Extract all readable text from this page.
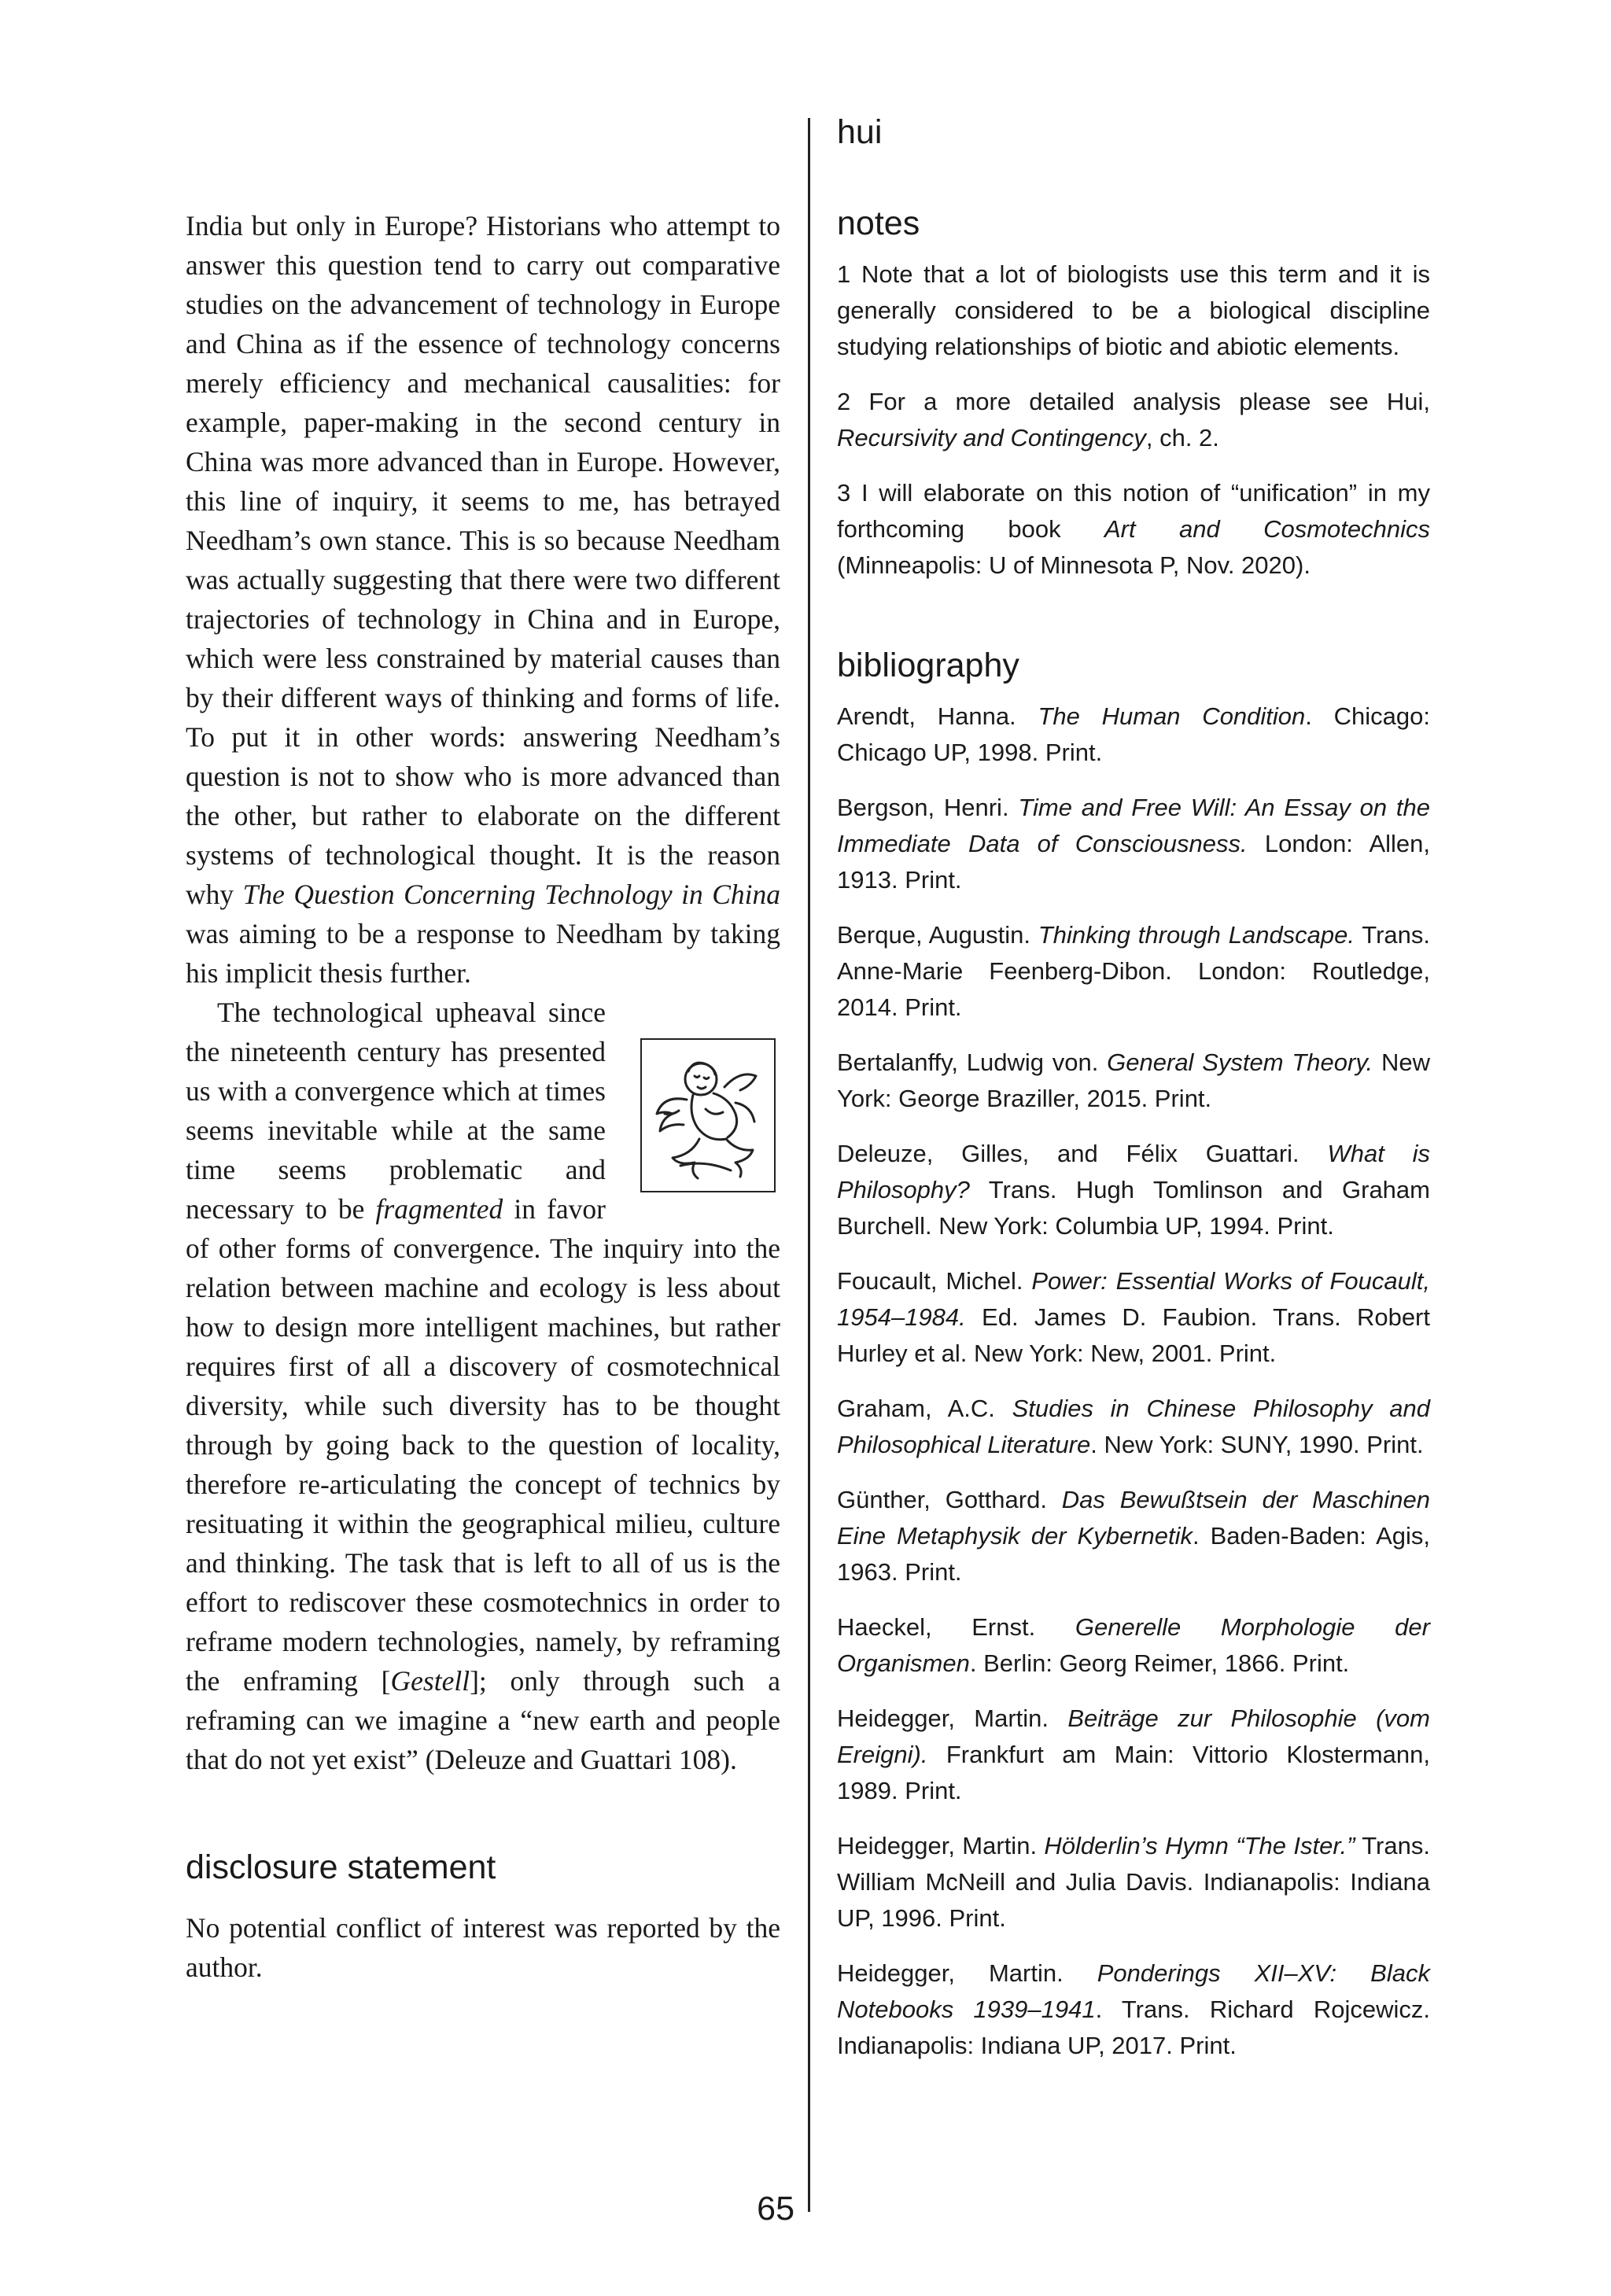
hui

India but only in Europe? Historians who attempt to answer this question tend to carry out comparative studies on the advancement of technology in Europe and China as if the essence of technology concerns merely efficiency and mechanical causalities: for example, paper-making in the second century in China was more advanced than in Europe. However, this line of inquiry, it seems to me, has betrayed Needham’s own stance. This is so because Needham was actually suggesting that there were two different trajectories of technology in China and in Europe, which were less constrained by material causes than by their different ways of thinking and forms of life. To put it in other words: answering Needham’s question is not to show who is more advanced than the other, but rather to elaborate on the different systems of technological thought. It is the reason why The Question Concerning Technology in China was aiming to be a response to Needham by taking his implicit thesis further.

The technological upheaval since the nineteenth century has presented us with a convergence which at times seems inevitable while at the same time seems problematic and necessary to be fragmented in favor of other forms of convergence. The inquiry into the relation between machine and ecology is less about how to design more intelligent machines, but rather requires first of all a discovery of cosmotechnical diversity, while such diversity has to be thought through by going back to the question of locality, therefore re-articulating the concept of technics by resituating it within the geographical milieu, culture and thinking. The task that is left to all of us is the effort to rediscover these cosmotechnics in order to reframe modern technologies, namely, by reframing the enframing [Gestell]; only through such a reframing can we imagine a “new earth and people that do not yet exist” (Deleuze and Guattari 108).

disclosure statement

No potential conflict of interest was reported by the author.

notes

1 Note that a lot of biologists use this term and it is generally considered to be a biological discipline studying relationships of biotic and abiotic elements.

2 For a more detailed analysis please see Hui, Recursivity and Contingency, ch. 2.

3 I will elaborate on this notion of “unification” in my forthcoming book Art and Cosmotechnics (Minneapolis: U of Minnesota P, Nov. 2020).

bibliography

Arendt, Hanna. The Human Condition. Chicago: Chicago UP, 1998. Print.

Bergson, Henri. Time and Free Will: An Essay on the Immediate Data of Consciousness. London: Allen, 1913. Print.

Berque, Augustin. Thinking through Landscape. Trans. Anne-Marie Feenberg-Dibon. London: Routledge, 2014. Print.

Bertalanffy, Ludwig von. General System Theory. New York: George Braziller, 2015. Print.

Deleuze, Gilles, and Félix Guattari. What is Philosophy? Trans. Hugh Tomlinson and Graham Burchell. New York: Columbia UP, 1994. Print.

Foucault, Michel. Power: Essential Works of Foucault, 1954–1984. Ed. James D. Faubion. Trans. Robert Hurley et al. New York: New, 2001. Print.

Graham, A.C. Studies in Chinese Philosophy and Philosophical Literature. New York: SUNY, 1990. Print.

Günther, Gotthard. Das Bewußtsein der Maschinen Eine Metaphysik der Kybernetik. Baden-Baden: Agis, 1963. Print.

Haeckel, Ernst. Generelle Morphologie der Organismen. Berlin: Georg Reimer, 1866. Print.

Heidegger, Martin. Beiträge zur Philosophie (vom Ereigni). Frankfurt am Main: Vittorio Klostermann, 1989. Print.

Heidegger, Martin. Hölderlin’s Hymn “The Ister.” Trans. William McNeill and Julia Davis. Indianapolis: Indiana UP, 1996. Print.

Heidegger, Martin. Ponderings XII–XV: Black Notebooks 1939–1941. Trans. Richard Rojcewicz. Indianapolis: Indiana UP, 2017. Print.

65
